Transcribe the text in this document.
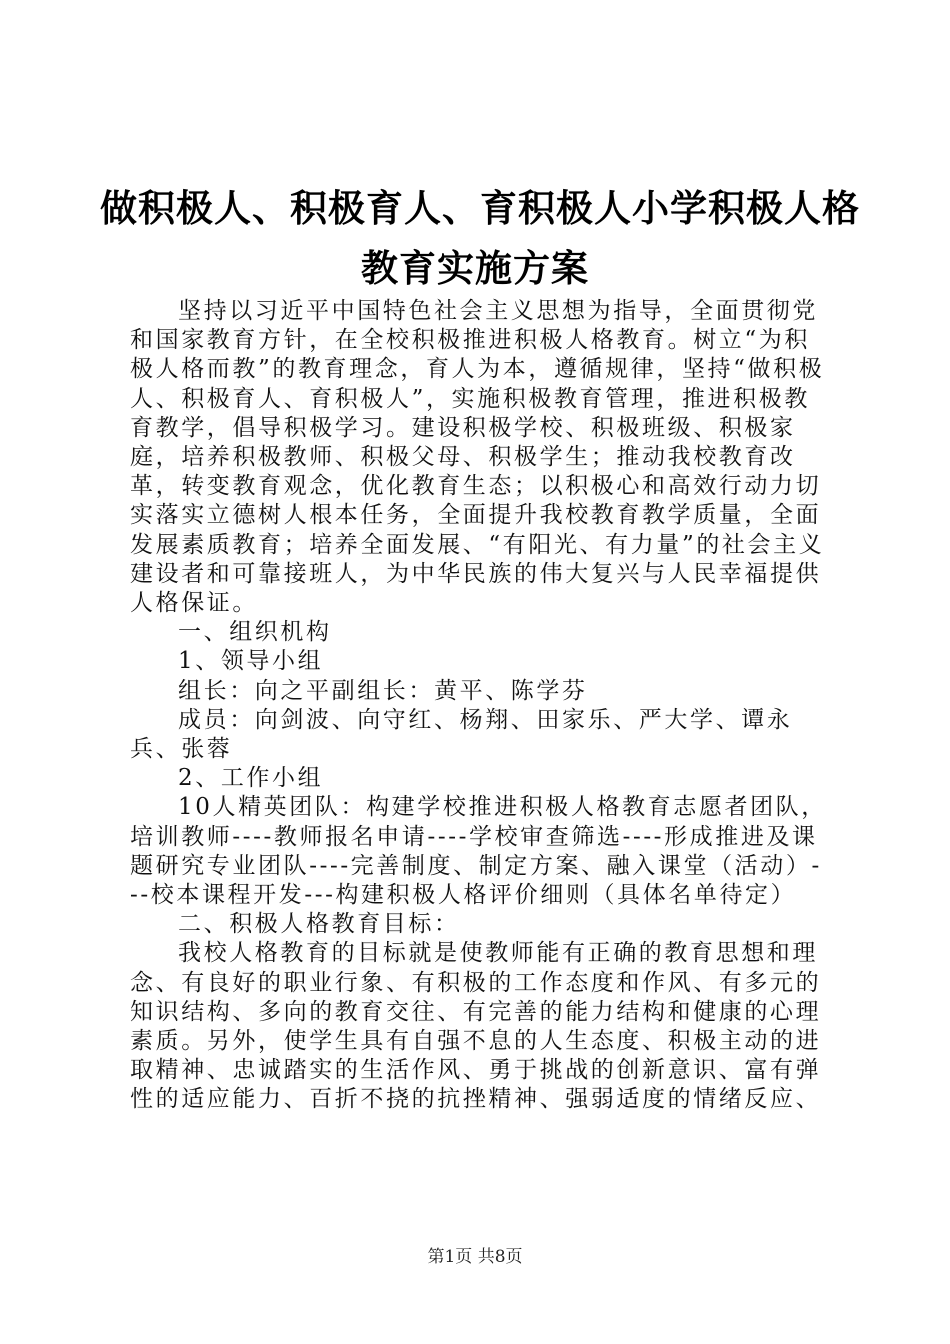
做积极人、积极育人、育积极人小学积极人格
教育实施方案

坚持以习近平中国特色社会主义思想为指导，全面贯彻党和国家教育方针，在全校积极推进积极人格教育。树立“为积极人格而教”的教育理念，育人为本，遵循规律，坚持“做积极人、积极育人、育积极人”，实施积极教育管理，推进积极教育教学，倡导积极学习。建设积极学校、积极班级、积极家庭，培养积极教师、积极父母、积极学生；推动我校教育改革，转变教育观念，优化教育生态；以积极心和高效行动力切实落实立德树人根本任务，全面提升我校教育教学质量，全面发展素质教育；培养全面发展、“有阳光、有力量”的社会主义建设者和可靠接班人，为中华民族的伟大复兴与人民幸福提供人格保证。

一、组织机构

1、领导小组

组长：向之平副组长：黄平、陈学芬

成员：向剑波、向守红、杨翔、田家乐、严大学、谭永兵、张蓉

2、工作小组

10人精英团队：构建学校推进积极人格教育志愿者团队，培训教师----教师报名申请----学校审查筛选----形成推进及课题研究专业团队----完善制度、制定方案、融入课堂（活动）---校本课程开发---构建积极人格评价细则（具体名单待定）

二、积极人格教育目标：

我校人格教育的目标就是使教师能有正确的教育思想和理念、有良好的职业行象、有积极的工作态度和作风、有多元的知识结构、多向的教育交往、有完善的能力结构和健康的心理素质。另外，使学生具有自强不息的人生态度、积极主动的进取精神、忠诚踏实的生活作风、勇于挑战的创新意识、富有弹性的适应能力、百折不挠的抗挫精神、强弱适度的情绪反应、

第1页 共8页
